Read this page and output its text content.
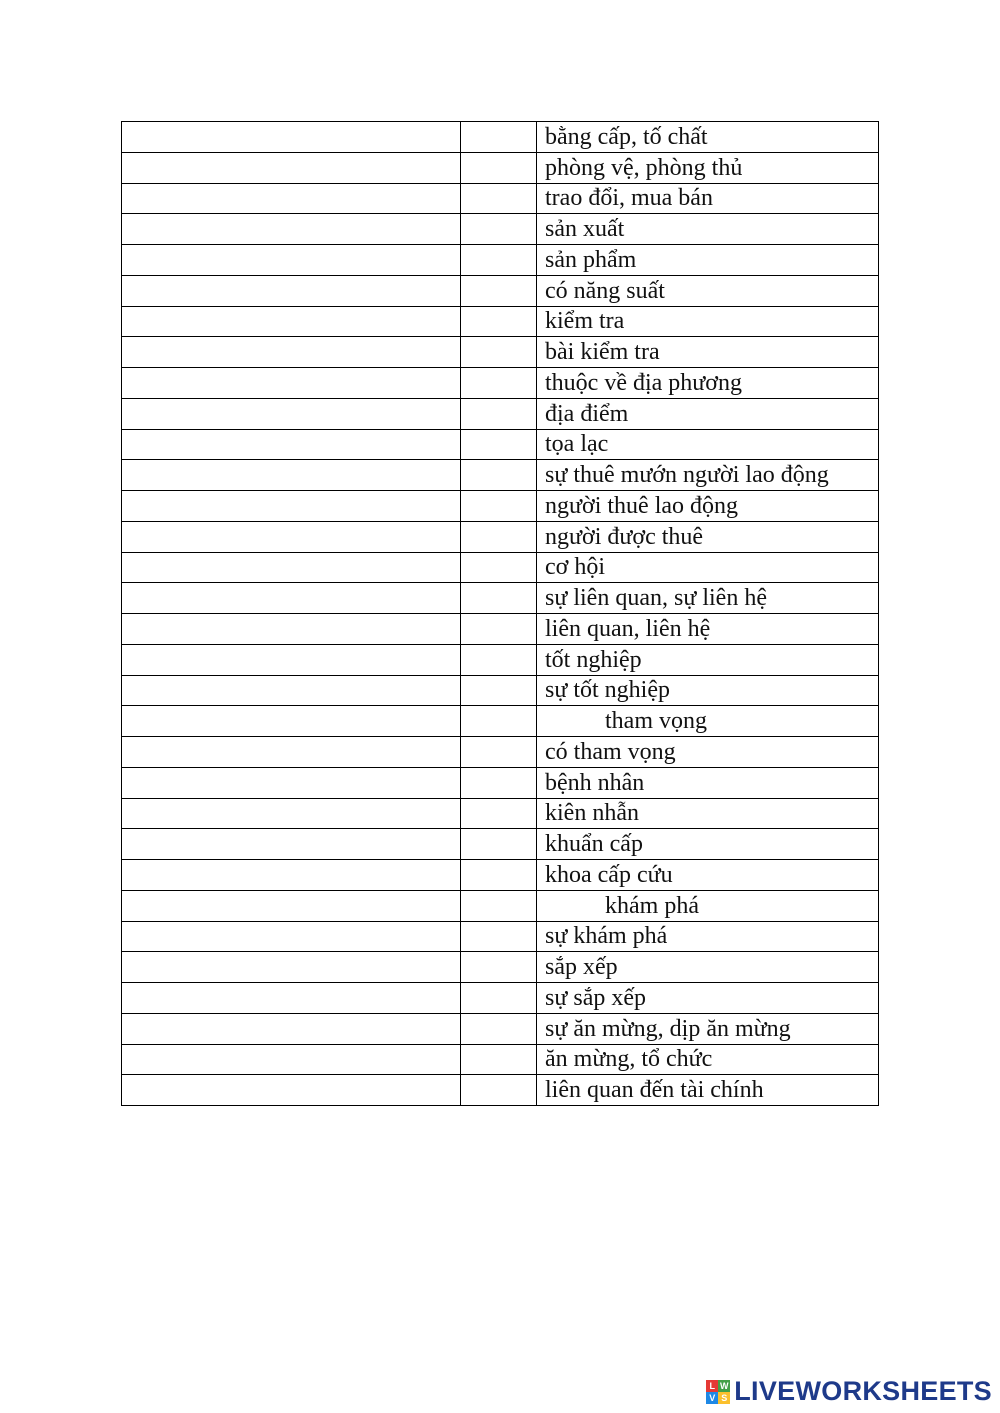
		bằng cấp, tố chất
		phòng vệ, phòng thủ
		trao đổi, mua bán
		sản xuất
		sản phẩm
		có năng suất
		kiểm tra
		bài kiểm tra
		thuộc về địa phương
		địa điểm
		tọa lạc
		sự thuê mướn người lao động
		người thuê lao động
		người được thuê
		cơ hội
		sự liên quan, sự liên hệ
		liên quan, liên hệ
		tốt nghiệp
		sự tốt nghiệp
		tham vọng
		có tham vọng
		bệnh nhân
		kiên nhẫn
		khuẩn cấp
		khoa cấp cứu
		khám phá
		sự khám phá
		sắp xếp
		sự sắp xếp
		sự ăn mừng, dịp ăn mừng
		ăn mừng, tổ chức
		liên quan đến tài chính
L W
V S LIVEWORKSHEETS
